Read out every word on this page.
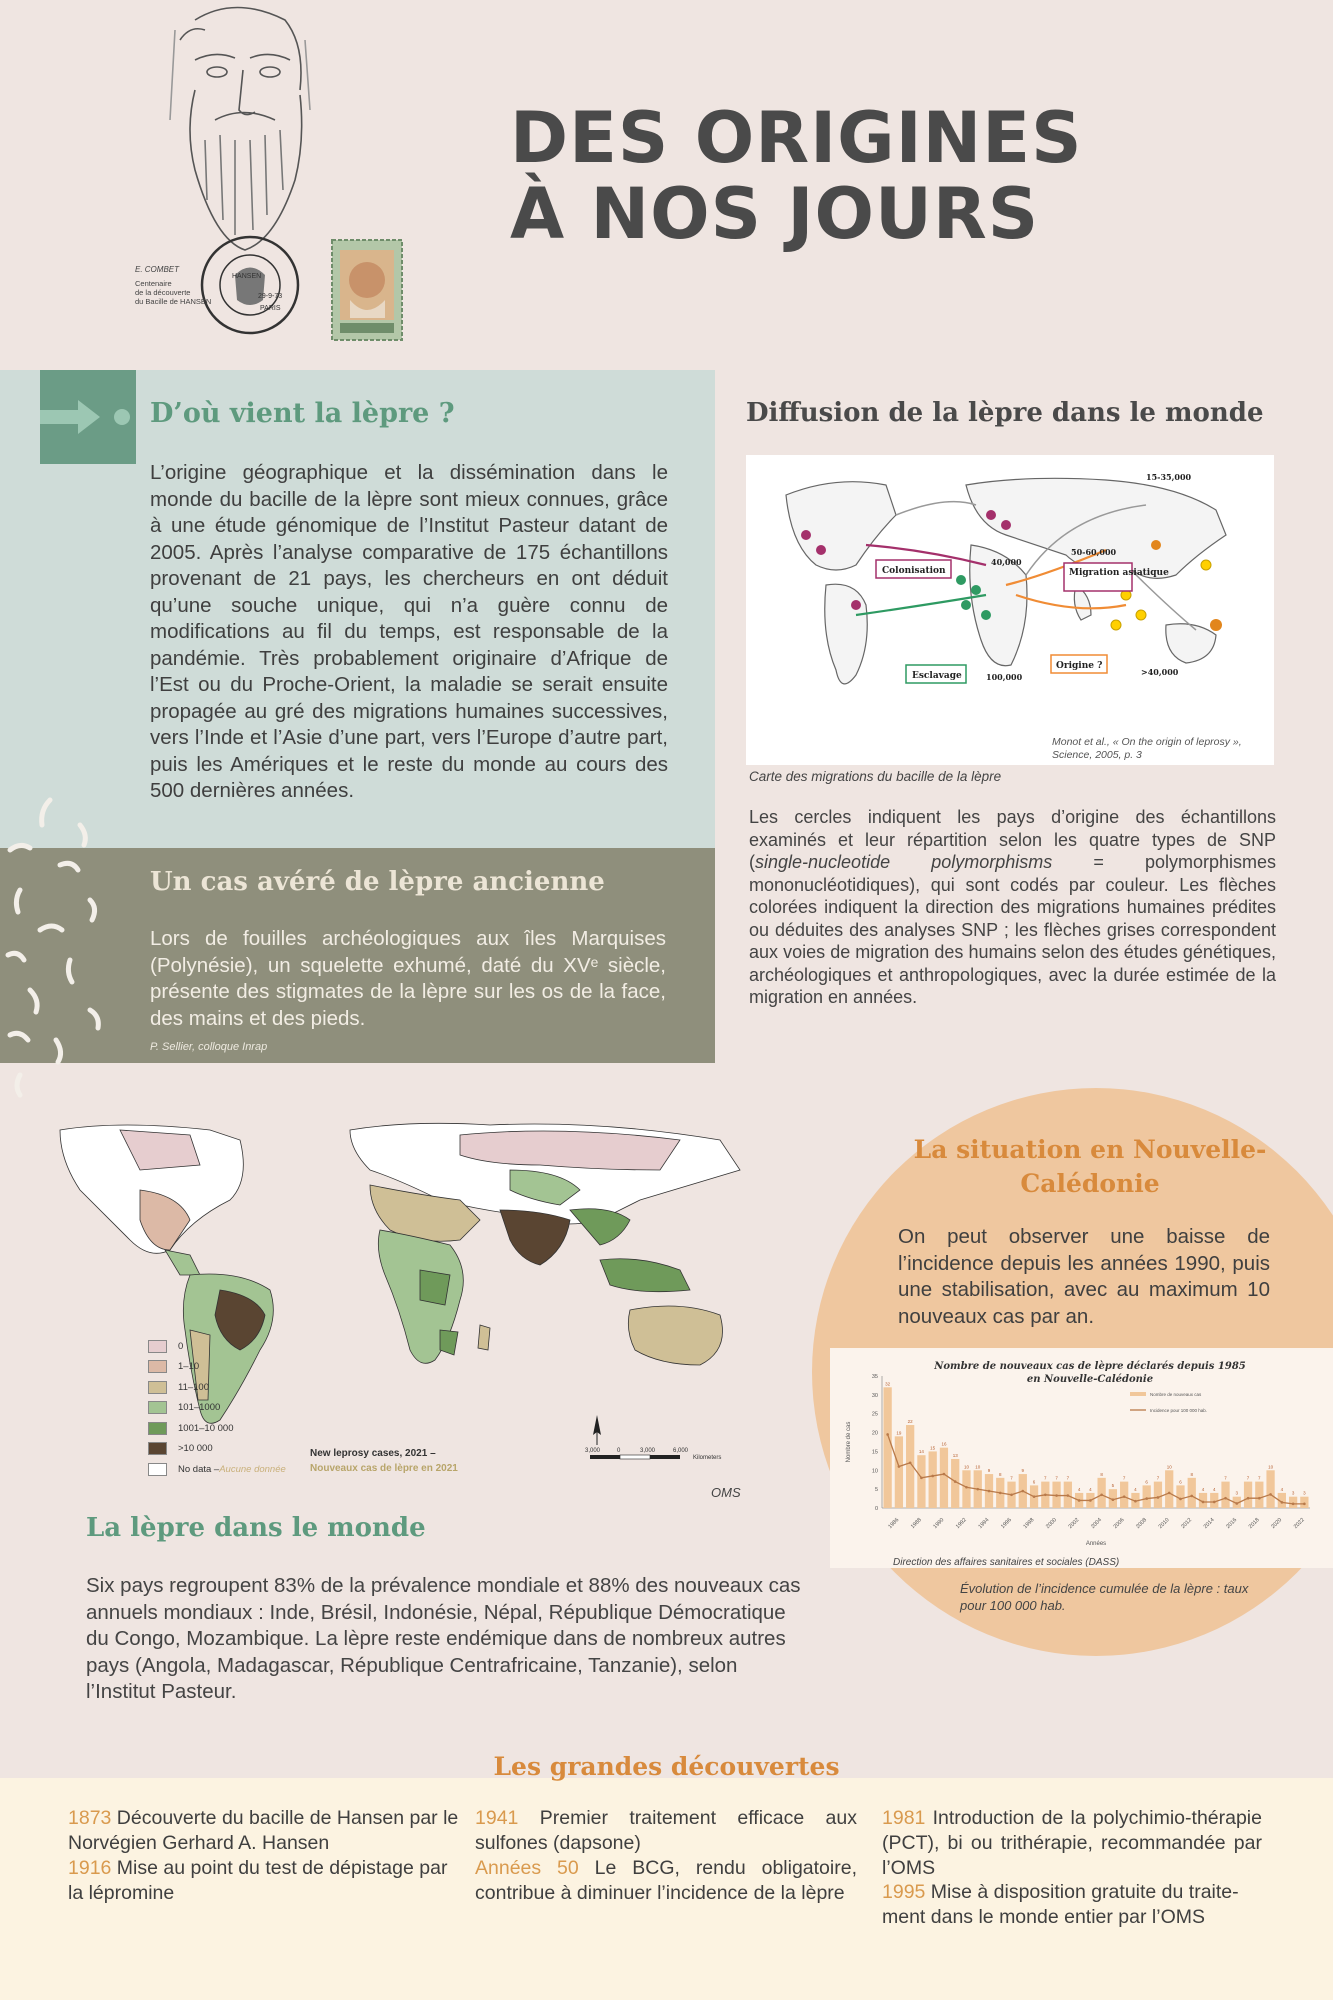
E. COMBET
Centenaire
de la découverte
du Bacille de HANSEN
HANSEN
29-9-73
PARIS
DES ORIGINES
À NOS JOURS
D’où vient la lèpre ?
L’origine géographique et la dissémination dans le monde du bacille de la lèpre sont mieux connues, grâce à une étude génomique de l’Institut Pasteur datant de 2005. Après l’analyse comparative de 175 échantillons provenant de 21 pays, les chercheurs en ont déduit qu’une souche unique, qui n’a guère connu de modifications au fil du temps, est responsable de la pandémie. Très probablement originaire d’Afrique de l’Est ou du Proche-Orient, la maladie se serait ensuite propagée au gré des migrations humaines successives, vers l’Inde et l’Asie d’une part, vers l’Europe d’autre part, puis les Amériques et le reste du monde au cours des 500 dernières années.
Un cas avéré de lèpre ancienne
Lors de fouilles archéologiques aux îles Marquises (Polynésie), un squelette exhumé, daté du XVᵉ siècle, présente des stigmates de la lèpre sur les os de la face, des mains et des pieds.
P. Sellier, colloque Inrap
Diffusion de la lèpre dans le monde
Colonisation	Migration asiatique
Origine ?
Esclavage
15-35,000
50-60,000
40,000
100,000	>40,000
Monot et al., « On the origin of leprosy », Science, 2005, p. 3
Carte des migrations du bacille de la lèpre
Les cercles indiquent les pays d’origine des échantillons examinés et leur répartition selon les quatre types de SNP (single-nucleotide polymorphisms = polymorphismes mononucléotidiques), qui sont codés par couleur. Les flèches colorées indiquent la direction des migrations humaines prédites ou déduites des analyses SNP ; les flèches grises correspondent aux voies de migration des humains selon des études génétiques, archéologiques et anthropologiques, avec la durée estimée de la migration en années.
0
1–10
11–100
101–1000
1001–10 000
>10 000
No data – Aucune donnée
New leprosy cases, 2021 –
Nouveaux cas de lèpre en 2021
3,000	0	3,000	6,000
Kilometers
OMS
La lèpre dans le monde
Six pays regroupent 83% de la prévalence mondiale et 88% des nouveaux cas annuels mondiaux : Inde, Brésil, Indonésie, Népal, République Démocratique du Congo, Mozambique. La lèpre reste endémique dans de nombreux autres pays (Angola, Madagascar, République Centrafricaine, Tanzanie), selon l’Institut Pasteur.
La situation en Nouvelle-Calédonie
On peut observer une baisse de l’incidence depuis les années 1990, puis une stabilisation, avec au maximum 10 nouveaux cas par an.
Nombre de nouveaux cas de lèpre déclarés depuis 1985 en Nouvelle-Calédonie
0
5
10
15
20
25
30
35
Nombre de cas
Années
32
19
22
14
15
16
13
10 10
9
8
7
9
6
7 7 7
4 4
8
5
7
4
6
7
10
6
8
4 4
7
3
7 7
10
4
3 3
1986 1988 1990 1992 1994 1996 1998 2000 2002 2004 2006 2008 2010 2012 2014 2016 2018 2020 2022
Nombre de nouveaux cas
Incidence pour 100 000 hab.
Direction des affaires sanitaires et sociales (DASS)
Évolution de l’incidence cumulée de la lèpre : taux pour 100 000 hab.
Les grandes découvertes
1873 Découverte du bacille de Hansen par le Norvégien Gerhard A. Hansen
1916 Mise au point du test de dépistage par la lépromine
1941 Premier traitement efficace aux sulfones (dapsone)
Années 50 Le BCG, rendu obligatoire, contribue à diminuer l’incidence de la lèpre
1981 Introduction de la polychimio-thérapie (PCT), bi ou trithérapie, recommandée par l’OMS
1995 Mise à disposition gratuite du traite-ment dans le monde entier par l’OMS
